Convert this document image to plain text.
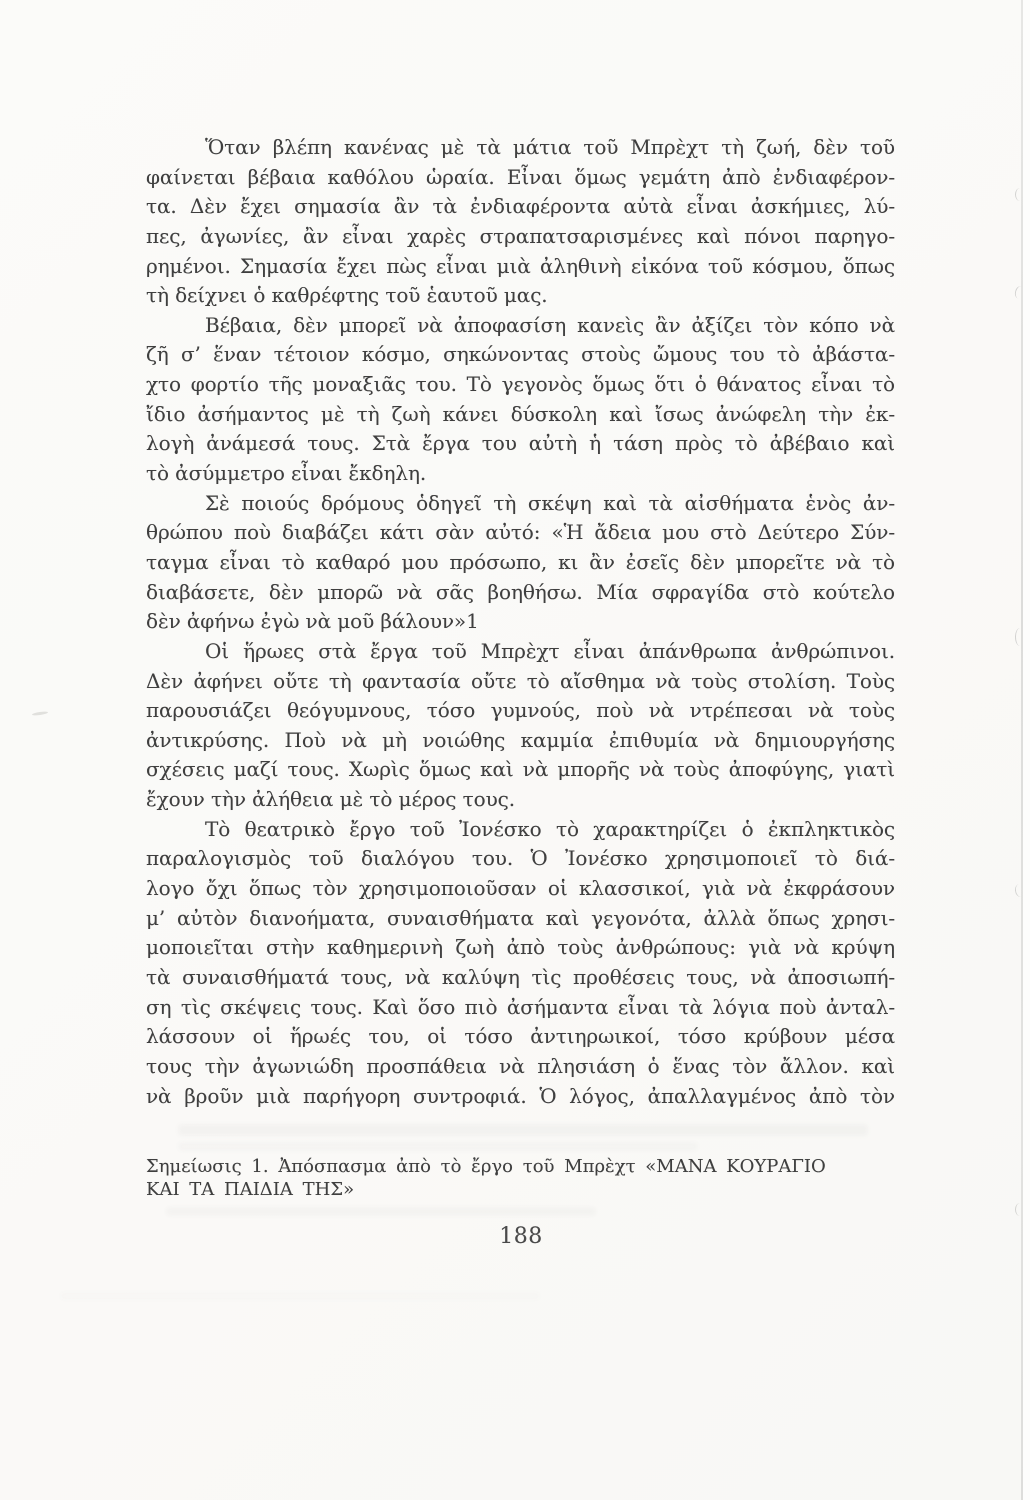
Ὅταν βλέπη κανένας μὲ τὰ μάτια τοῦ Μπρὲχτ τὴ ζωή, δὲν τοῦ
φαίνεται βέβαια καθόλου ὡραία. Εἶναι ὅμως γεμάτη ἀπὸ ἐνδιαφέρον-
τα. Δὲν ἔχει σημασία ἂν τὰ ἐνδιαφέροντα αὐτὰ εἶναι ἀσκήμιες, λύ-
πες, ἀγωνίες, ἂν εἶναι χαρὲς στραπατσαρισμένες καὶ πόνοι παρηγο-
ρημένοι. Σημασία ἔχει πὼς εἶναι μιὰ ἀληθινὴ εἰκόνα τοῦ κόσμου, ὅπως
τὴ δείχνει ὁ καθρέφτης τοῦ ἑαυτοῦ μας.
Βέβαια, δὲν μπορεῖ νὰ ἀποφασίση κανεὶς ἂν ἀξίζει τὸν κόπο νὰ
ζῆ σ’ ἕναν τέτοιον κόσμο, σηκώνοντας στοὺς ὤμους του τὸ ἀβάστα-
χτο φορτίο τῆς μοναξιᾶς του. Τὸ γεγονὸς ὅμως ὅτι ὁ θάνατος εἶναι τὸ
ἴδιο ἀσήμαντος μὲ τὴ ζωὴ κάνει δύσκολη καὶ ἴσως ἀνώφελη τὴν ἐκ-
λογὴ ἀνάμεσά τους. Στὰ ἔργα του αὐτὴ ἡ τάση πρὸς τὸ ἀβέβαιο καὶ
τὸ ἀσύμμετρο εἶναι ἔκδηλη.
Σὲ ποιούς δρόμους ὁδηγεῖ τὴ σκέψη καὶ τὰ αἰσθήματα ἑνὸς ἀν-
θρώπου ποὺ διαβάζει κάτι σὰν αὐτό: «Ἡ ἄδεια μου στὸ Δεύτερο Σύν-
ταγμα εἶναι τὸ καθαρό μου πρόσωπο, κι ἂν ἐσεῖς δὲν μπορεῖτε νὰ τὸ
διαβάσετε, δὲν μπορῶ νὰ σᾶς βοηθήσω. Μία σφραγίδα στὸ κούτελο
δὲν ἀφήνω ἐγὼ νὰ μοῦ βάλουν»1
Οἱ ἥρωες στὰ ἔργα τοῦ Μπρὲχτ εἶναι ἀπάνθρωπα ἀνθρώπινοι.
Δὲν ἀφήνει οὔτε τὴ φαντασία οὔτε τὸ αἴσθημα νὰ τοὺς στολίση. Τοὺς
παρουσιάζει θεόγυμνους, τόσο γυμνούς, ποὺ νὰ ντρέπεσαι νὰ τοὺς
ἀντικρύσης. Ποὺ νὰ μὴ νοιώθης καμμία ἐπιθυμία νὰ δημιουργήσης
σχέσεις μαζί τους. Χωρὶς ὅμως καὶ νὰ μπορῆς νὰ τοὺς ἀποφύγης, γιατὶ
ἔχουν τὴν ἀλήθεια μὲ τὸ μέρος τους.
Τὸ θεατρικὸ ἔργο τοῦ Ἰονέσκο τὸ χαρακτηρίζει ὁ ἐκπληκτικὸς
παραλογισμὸς τοῦ διαλόγου του. Ὁ Ἰονέσκο χρησιμοποιεῖ τὸ διά-
λογο ὄχι ὅπως τὸν χρησιμοποιοῦσαν οἱ κλασσικοί, γιὰ νὰ ἐκφράσουν
μ’ αὐτὸν διανοήματα, συναισθήματα καὶ γεγονότα, ἀλλὰ ὅπως χρησι-
μοποιεῖται στὴν καθημερινὴ ζωὴ ἀπὸ τοὺς ἀνθρώπους: γιὰ νὰ κρύψη
τὰ συναισθήματά τους, νὰ καλύψη τὶς προθέσεις τους, νὰ ἀποσιωπή-
ση τὶς σκέψεις τους. Καὶ ὅσο πιὸ ἀσήμαντα εἶναι τὰ λόγια ποὺ ἀνταλ-
λάσσουν οἱ ἥρωές του, οἱ τόσο ἀντιηρωικοί, τόσο κρύβουν μέσα
τους τὴν ἀγωνιώδη προσπάθεια νὰ πλησιάση ὁ ἕνας τὸν ἄλλον. καὶ
νὰ βροῦν μιὰ παρήγορη συντροφιά. Ὁ λόγος, ἀπαλλαγμένος ἀπὸ τὸν
Σημείωσις 1. Ἀπόσπασμα ἀπὸ τὸ ἔργο τοῦ Μπρὲχτ «ΜΑΝΑ ΚΟΥΡΑΓΙΟ
ΚΑΙ ΤΑ ΠΑΙΔΙΑ ΤΗΣ»
188
